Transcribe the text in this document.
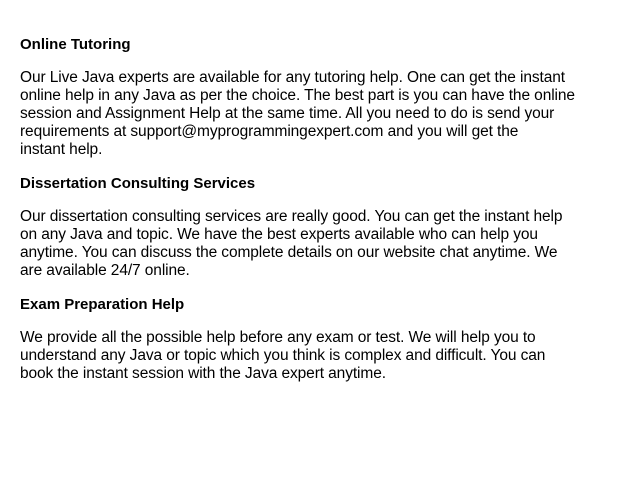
Online Tutoring
Our Live Java experts are available for any tutoring help. One can get the instant
online help in any Java as per the choice. The best part is you can have the online
session and Assignment Help at the same time. All you need to do is send your
requirements at support@myprogrammingexpert.com and you will get the
instant help.
Dissertation Consulting Services
Our dissertation consulting services are really good. You can get the instant help
on any Java and topic. We have the best experts available who can help you
anytime. You can discuss the complete details on our website chat anytime. We
are available 24/7 online.
Exam Preparation Help
We provide all the possible help before any exam or test. We will help you to
understand any Java or topic which you think is complex and difficult. You can
book the instant session with the Java expert anytime.
